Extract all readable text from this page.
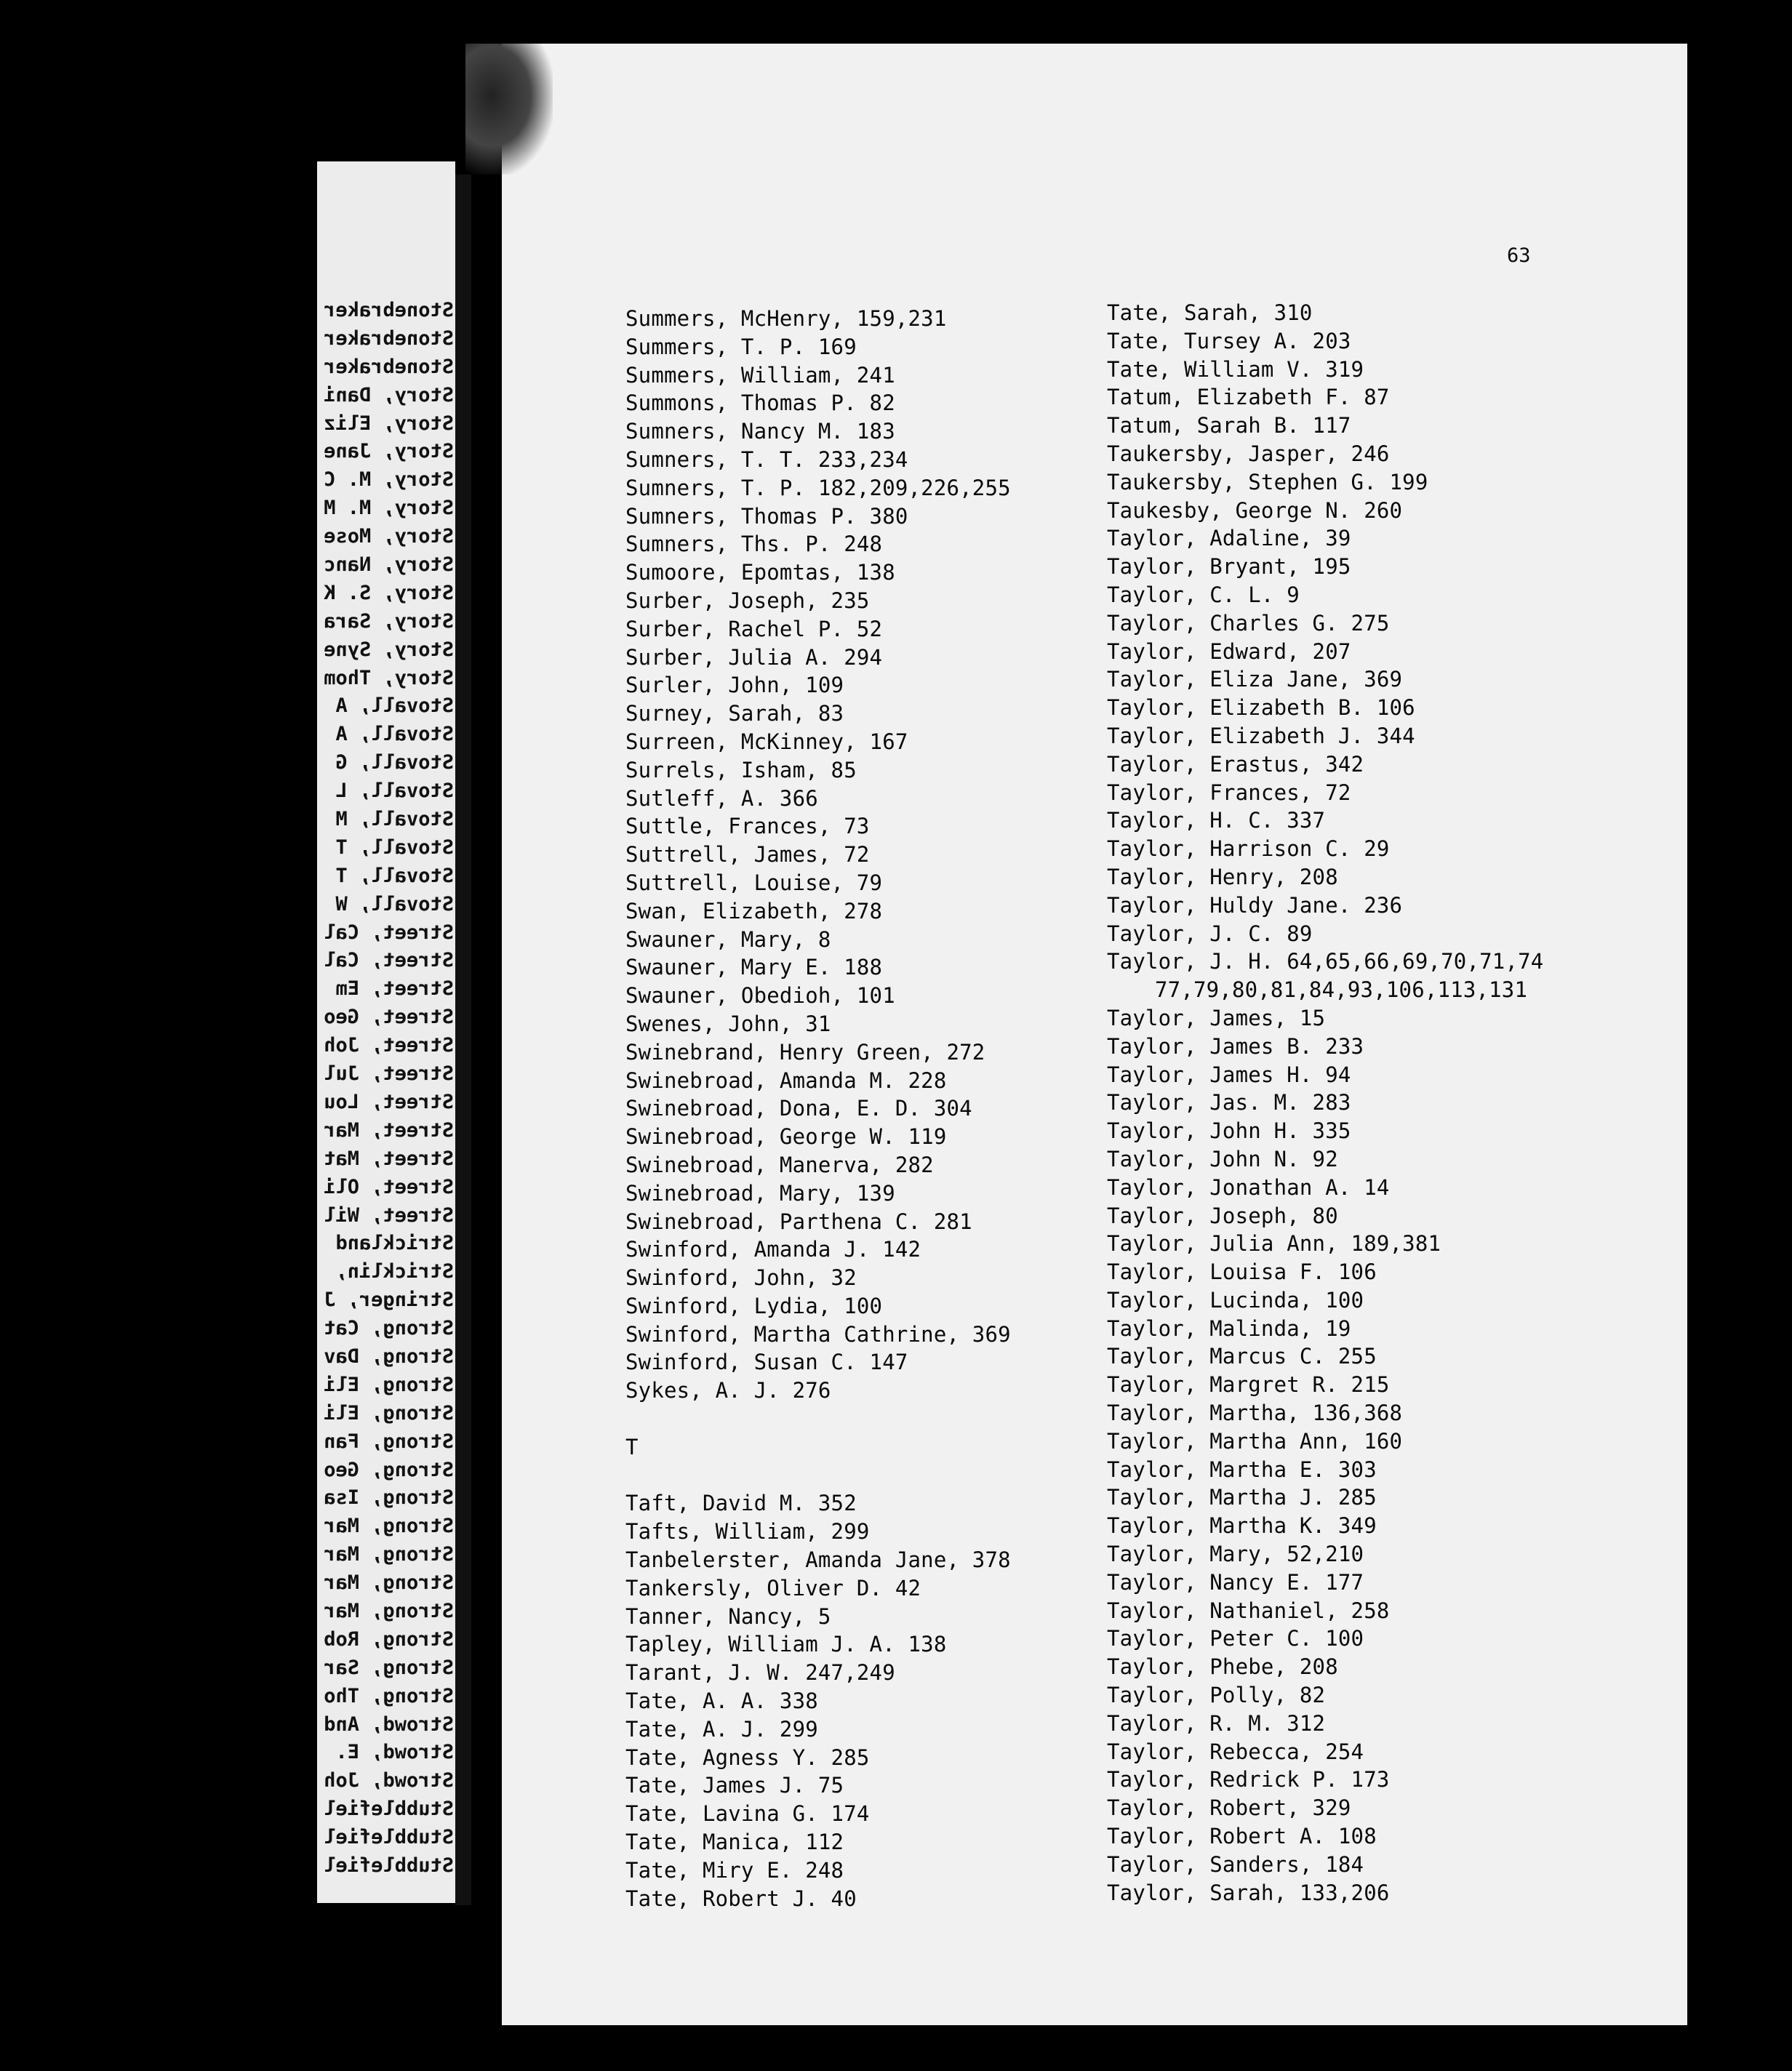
Stonebraker
Stonebraker
Stonebraker
Story, Dani
Story, Eliz
Story, Jane
Story, M. C
Story, M. M
Story, Mose
Story, Nanc
Story, S. K
Story, Sara
Story, Syne
Story, Thom
Stovall, A
Stovall, A
Stovall, G
Stovall, L
Stovall, M
Stovall, T
Stovall, T
Stovall, W
Street, Cal
Street, Cal
Street, Em
Street, Geo
Street, Joh
Street, Jul
Street, Lou
Street, Mar
Street, Mat
Street, Oli
Street, Wil
Strickland
Stricklin,
Stringer, J
Strong, Cat
Strong, Dav
Strong, Eli
Strong, Eli
Strong, Fan
Strong, Geo
Strong, Isa
Strong, Mar
Strong, Mar
Strong, Mar
Strong, Mar
Strong, Rob
Strong, Sar
Strong, Tho
Strowd, And
Strowd, E.
Strowd, Joh
Stubblefiel
Stubblefiel
Stubblefiel
63
Summers, McHenry, 159,231
Summers, T. P. 169
Summers, William, 241
Summons, Thomas P. 82
Sumners, Nancy M. 183
Sumners, T. T. 233,234
Sumners, T. P. 182,209,226,255
Sumners, Thomas P. 380
Sumners, Ths. P. 248
Sumoore, Epomtas, 138
Surber, Joseph, 235
Surber, Rachel P. 52
Surber, Julia A. 294
Surler, John, 109
Surney, Sarah, 83
Surreen, McKinney, 167
Surrels, Isham, 85
Sutleff, A. 366
Suttle, Frances, 73
Suttrell, James, 72
Suttrell, Louise, 79
Swan, Elizabeth, 278
Swauner, Mary, 8
Swauner, Mary E. 188
Swauner, Obedioh, 101
Swenes, John, 31
Swinebrand, Henry Green, 272
Swinebroad, Amanda M. 228
Swinebroad, Dona, E. D. 304
Swinebroad, George W. 119
Swinebroad, Manerva, 282
Swinebroad, Mary, 139
Swinebroad, Parthena C. 281
Swinford, Amanda J. 142
Swinford, John, 32
Swinford, Lydia, 100
Swinford, Martha Cathrine, 369
Swinford, Susan C. 147
Sykes, A. J. 276
T
Taft, David M. 352
Tafts, William, 299
Tanbelerster, Amanda Jane, 378
Tankersly, Oliver D. 42
Tanner, Nancy, 5
Tapley, William J. A. 138
Tarant, J. W. 247,249
Tate, A. A. 338
Tate, A. J. 299
Tate, Agness Y. 285
Tate, James J. 75
Tate, Lavina G. 174
Tate, Manica, 112
Tate, Miry E. 248
Tate, Robert J. 40
Tate, Sarah, 310
Tate, Tursey A. 203
Tate, William V. 319
Tatum, Elizabeth F. 87
Tatum, Sarah B. 117
Taukersby, Jasper, 246
Taukersby, Stephen G. 199
Taukesby, George N. 260
Taylor, Adaline, 39
Taylor, Bryant, 195
Taylor, C. L. 9
Taylor, Charles G. 275
Taylor, Edward, 207
Taylor, Eliza Jane, 369
Taylor, Elizabeth B. 106
Taylor, Elizabeth J. 344
Taylor, Erastus, 342
Taylor, Frances, 72
Taylor, H. C. 337
Taylor, Harrison C. 29
Taylor, Henry, 208
Taylor, Huldy Jane. 236
Taylor, J. C. 89
Taylor, J. H. 64,65,66,69,70,71,74
77,79,80,81,84,93,106,113,131
Taylor, James, 15
Taylor, James B. 233
Taylor, James H. 94
Taylor, Jas. M. 283
Taylor, John H. 335
Taylor, John N. 92
Taylor, Jonathan A. 14
Taylor, Joseph, 80
Taylor, Julia Ann, 189,381
Taylor, Louisa F. 106
Taylor, Lucinda, 100
Taylor, Malinda, 19
Taylor, Marcus C. 255
Taylor, Margret R. 215
Taylor, Martha, 136,368
Taylor, Martha Ann, 160
Taylor, Martha E. 303
Taylor, Martha J. 285
Taylor, Martha K. 349
Taylor, Mary, 52,210
Taylor, Nancy E. 177
Taylor, Nathaniel, 258
Taylor, Peter C. 100
Taylor, Phebe, 208
Taylor, Polly, 82
Taylor, R. M. 312
Taylor, Rebecca, 254
Taylor, Redrick P. 173
Taylor, Robert, 329
Taylor, Robert A. 108
Taylor, Sanders, 184
Taylor, Sarah, 133,206
